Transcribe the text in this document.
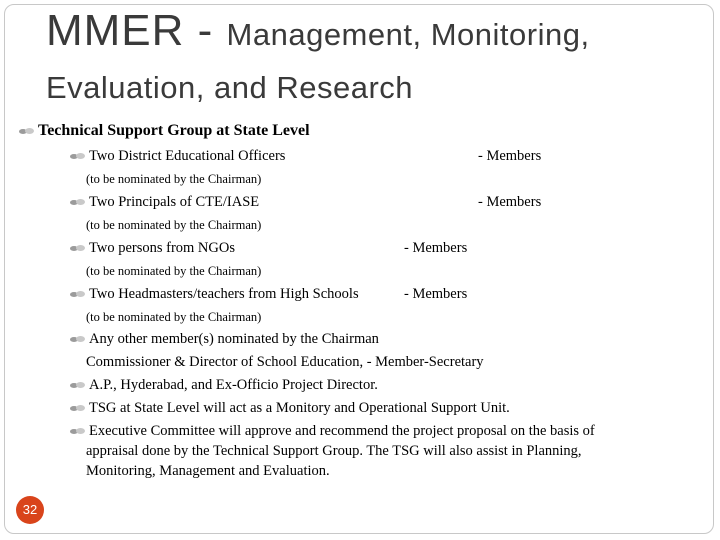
MMER - Management, Monitoring,
Evaluation, and Research
Technical Support Group at State Level
Two District Educational Officers	- Members
(to be nominated by the Chairman)
Two Principals of CTE/IASE	- Members
(to be nominated by the Chairman)
Two persons from NGOs	- Members
(to be nominated by the Chairman)
Two Headmasters/teachers from High Schools	- Members
(to be nominated by the Chairman)
Any other member(s) nominated by the Chairman
Commissioner & Director of School Education, - Member-Secretary
A.P., Hyderabad, and Ex-Officio Project Director.
TSG at State Level will act as a Monitory and Operational Support Unit.
Executive Committee will approve and recommend the project proposal on the basis of
appraisal done by the Technical Support Group. The TSG will also assist in Planning,
Monitoring, Management and Evaluation.
32
